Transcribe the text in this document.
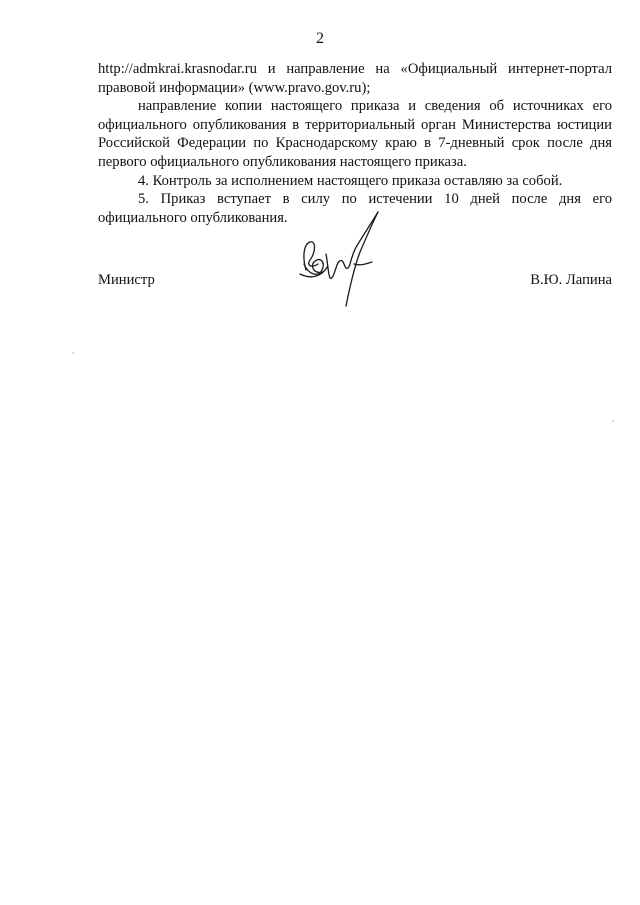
2

http://admkrai.krasnodar.ru и направление на «Официальный интернет-портал правовой информации» (www.pravo.gov.ru);

направление копии настоящего приказа и сведения об источниках его официального опубликования в территориальный орган Министерства юстиции Российской Федерации по Краснодарскому краю в 7-дневный срок после дня первого официального опубликования настоящего приказа.

4. Контроль за исполнением настоящего приказа оставляю за собой.

5. Приказ вступает в силу по истечении 10 дней после дня его официального опубликования.

Министр	В.Ю. Лапина
